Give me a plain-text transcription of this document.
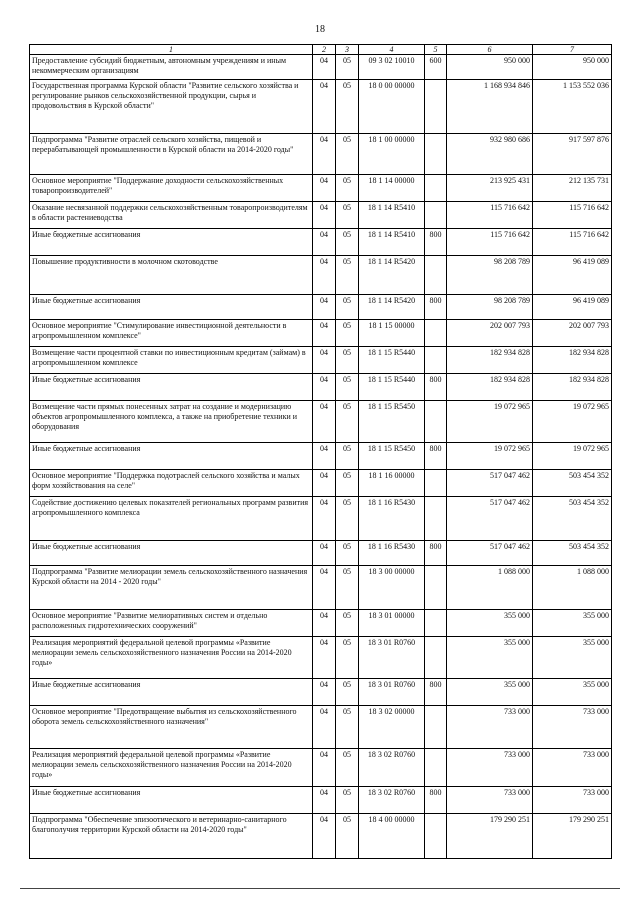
18
1	2	3	4	5	6	7
Предоставление субсидий бюджетным, автономным учреждениям и иным некоммерческим организациям	04	05	09 3 02 10010	600	950 000	950 000
Государственная программа Курской области "Развитие сельского хозяйства и регулирование рынков сельскохозяйственной продукции, сырья и продовольствия в Курской области"	04	05	18 0 00 00000		1 168 934 846	1 153 552 036
Подпрограмма "Развитие отраслей сельского хозяйства, пищевой и перерабатывающей промышленности в Курской области на 2014-2020 годы"	04	05	18 1 00 00000		932 980 686	917 597 876
Основное мероприятие "Поддержание доходности сельскохозяйственных товаропроизводителей"	04	05	18 1 14 00000		213 925 431	212 135 731
Оказание несвязанной поддержки сельскохозяйственным товаропроизводителям в области растениеводства	04	05	18 1 14 R5410		115 716 642	115 716 642
Иные бюджетные ассигнования	04	05	18 1 14 R5410	800	115 716 642	115 716 642
Повышение продуктивности в молочном скотоводстве	04	05	18 1 14 R5420		98 208 789	96 419 089
Иные бюджетные ассигнования	04	05	18 1 14 R5420	800	98 208 789	96 419 089
Основное мероприятие "Стимулирование инвестиционной деятельности в агропромышленном комплексе"	04	05	18 1 15 00000		202 007 793	202 007 793
Возмещение части процентной ставки по инвестиционным кредитам (займам) в агропромышленном комплексе	04	05	18 1 15 R5440		182 934 828	182 934 828
Иные бюджетные ассигнования	04	05	18 1 15 R5440	800	182 934 828	182 934 828
Возмещение части прямых понесенных затрат на создание и модернизацию объектов агропромышленного комплекса, а также на приобретение техники и оборудования	04	05	18 1 15 R5450		19 072 965	19 072 965
Иные бюджетные ассигнования	04	05	18 1 15 R5450	800	19 072 965	19 072 965
Основное мероприятие "Поддержка подотраслей сельского хозяйства и малых форм хозяйствования на селе"	04	05	18 1 16 00000		517 047 462	503 454 352
Содействие достижению целевых показателей региональных программ развития агропромышленного комплекса	04	05	18 1 16 R5430		517 047 462	503 454 352
Иные бюджетные ассигнования	04	05	18 1 16 R5430	800	517 047 462	503 454 352
Подпрограмма "Развитие мелиорации земель сельскохозяйственного назначения Курской области на 2014 - 2020 годы"	04	05	18 3 00 00000		1 088 000	1 088 000
Основное мероприятие "Развитие мелиоративных систем и отдельно расположенных гидротехнических сооружений"	04	05	18 3 01 00000		355 000	355 000
Реализация мероприятий федеральной целевой программы «Развитие мелиорации земель сельскохозяйственного назначения России на 2014-2020 годы»	04	05	18 3 01 R0760		355 000	355 000
Иные бюджетные ассигнования	04	05	18 3 01 R0760	800	355 000	355 000
Основное мероприятие "Предотвращение выбытия из сельскохозяйственного оборота земель сельскохозяйственного назначения"	04	05	18 3 02 00000		733 000	733 000
Реализация мероприятий федеральной целевой программы «Развитие мелиорации земель сельскохозяйственного назначения России на 2014-2020 годы»	04	05	18 3 02 R0760		733 000	733 000
Иные бюджетные ассигнования	04	05	18 3 02 R0760	800	733 000	733 000
Подпрограмма "Обеспечение эпизоотического и ветеринарно-санитарного благополучия территории Курской области на 2014-2020 годы"	04	05	18 4 00 00000		179 290 251	179 290 251
